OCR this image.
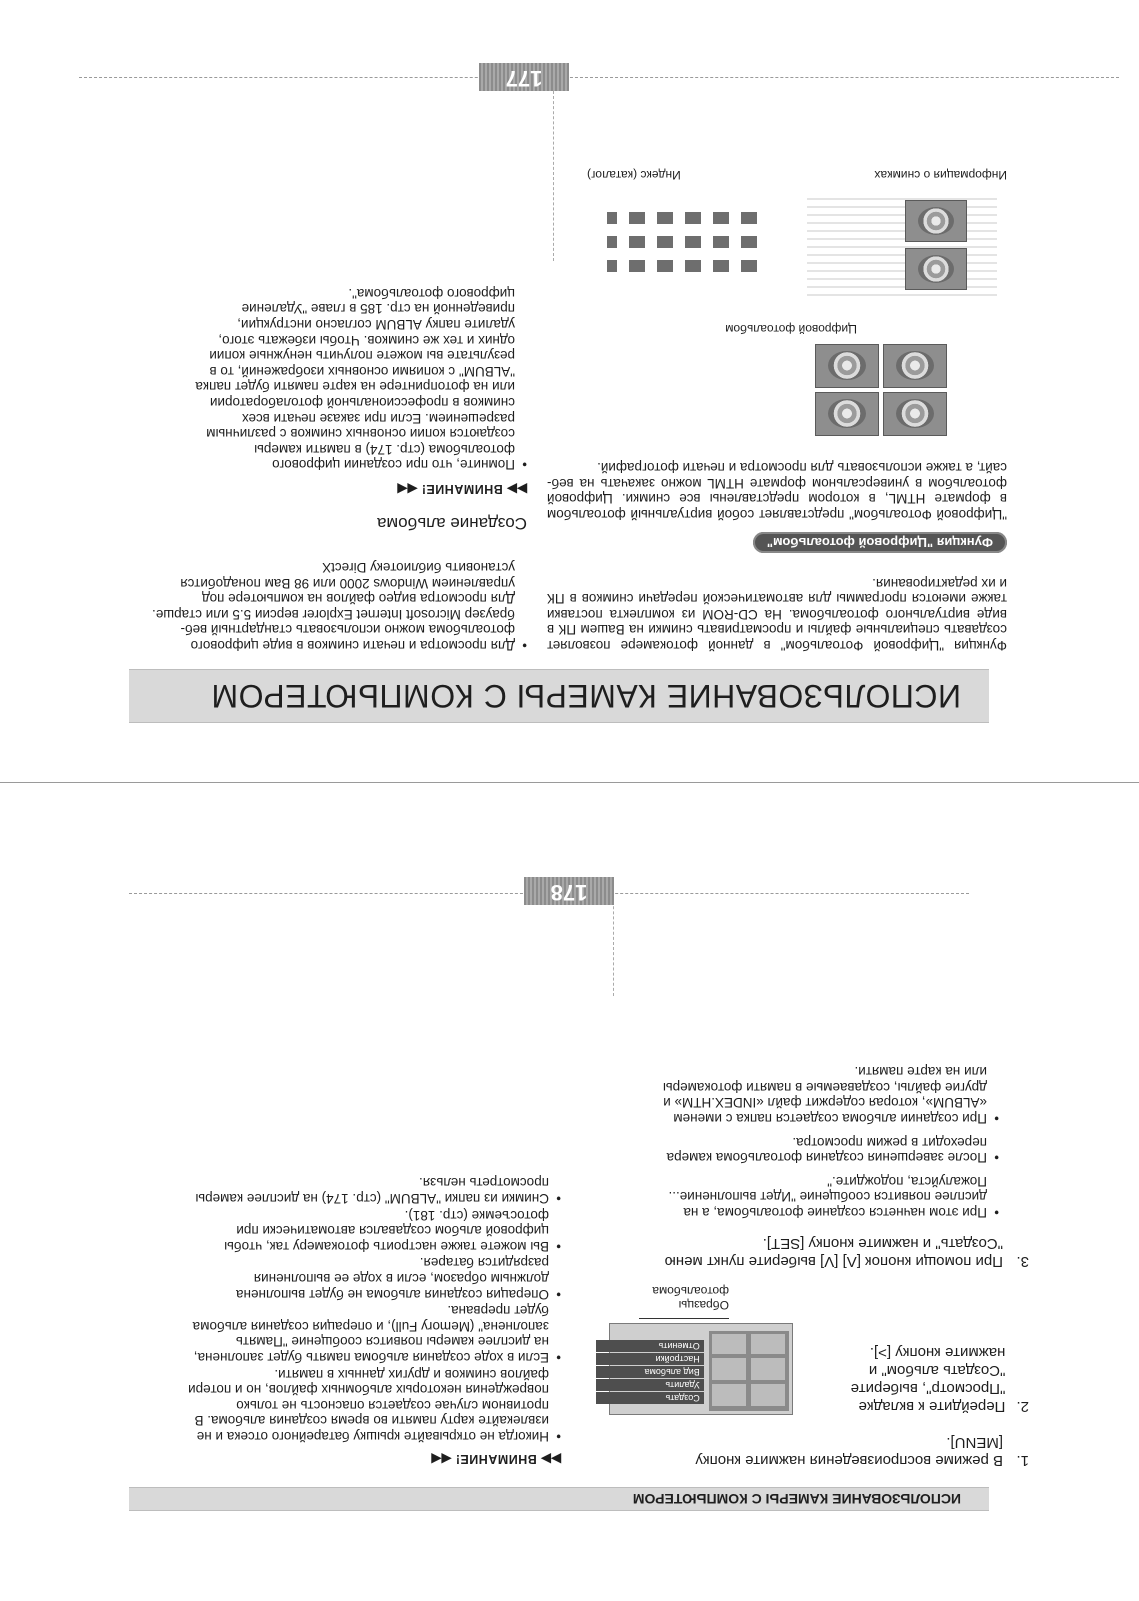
ИСПОЛЬЗОВАНИЕ КАМЕРЫ С КОМПЬЮТЕРОМ
1.
В режиме воспроизведения нажмите кнопку [MENU].
2.
Перейдите к вкладке "Просмотр", выберите "Создать альбом" и нажмите кнопку [>].
Создать
Удалить
Вид альбома
Настройки
Отменить
Образцы фотоальбома
3.
При помощи кнопок [Λ] [V] выберите пункт меню "Создать" и нажмите кнопку [SET].
• При этом начнется создание фотоальбома, а на дисплее появится сообщение "Идет выполнение... Пожалуйста, подождите."
• После завершения создания фотоальбома камера переходит в режим просмотра.
• При создании альбома создается папка с именем «ALBUM», которая содержит файл «INDEX.HTM» и другие файлы, создаваемые в памяти фотокамеры или на карте памяти.
▶▶ ВНИМАНИЕ! ◀◀
• Никогда не открывайте крышку батарейного отсека и не извлекайте карту памяти во время создания альбома. В противном случае создается опасность не только повреждения некоторых альбомных файлов, но и потери файлов снимков и других данных в памяти.
• Если в ходе создания альбома память будет заполнена, на дисплее камеры появится сообщение "Память заполнена" (Memory Full), и операция создания альбома будет прервана.
• Операция создания альбома не будет выполнена должным образом, если в ходе ее выполнения разрядится батарея.
• Вы можете также настроить фотокамеру так, чтобы цифровой альбом создавался автоматически при фотосъемке (стр. 181).
• Снимки из папки "ALBUM" (стр. 174) на дисплее камеры просмотреть нельзя.
178
ИСПОЛЬЗОВАНИЕ КАМЕРЫ С КОМПЬЮТЕРОМ

Функция "Цифровой Фотоальбом" в данной фотокамере позволяет создавать специальные файлы и просматривать снимки на Вашем ПК в виде виртуального фотоальбома. На CD-ROM из комплекта поставки также имеются программы для автоматической передачи снимков в ПК и их редактирования.

Функция "Цифровой фотоальбом"

"Цифровой Фотоальбом" представляет собой виртуальный фотоальбом в формате HTML, в котором представлены все снимки. Цифровой фотоальбом в универсальном формате HTML можно закачать на веб-сайт, а также использовать для просмотра и печати фотографий.

Цифровой фотоальбом
Информация о снимках
Индекс (каталог)
• Для просмотра и печати снимков в виде цифрового фотоальбома можно использовать стандартный веб-браузер Microsoft Internet Explorer версии 5.5 или старше. Для просмотра видео файлов на компьютере под управлением Windows 2000 или 98 Вам понадобится установить библиотеку DirectX
Создание альбома
▶▶ ВНИМАНИЕ! ◀◀
• Помните, что при создании цифрового фотоальбома (стр. 174) в памяти камеры создаются копии основных снимков с различным разрешением. Если при заказе печати всех снимков в профессиональной фотолаборатории или на фотопринтере на карте памяти будет папка "ALBUM" с копиями основных изображений, то в результате вы можете получить ненужные копии одних и тех же снимков. Чтобы избежать этого, удалите папку ALBUM согласно инструкции, приведенной на стр. 185 в главе "Удаление цифрового фотоальбома".
177
